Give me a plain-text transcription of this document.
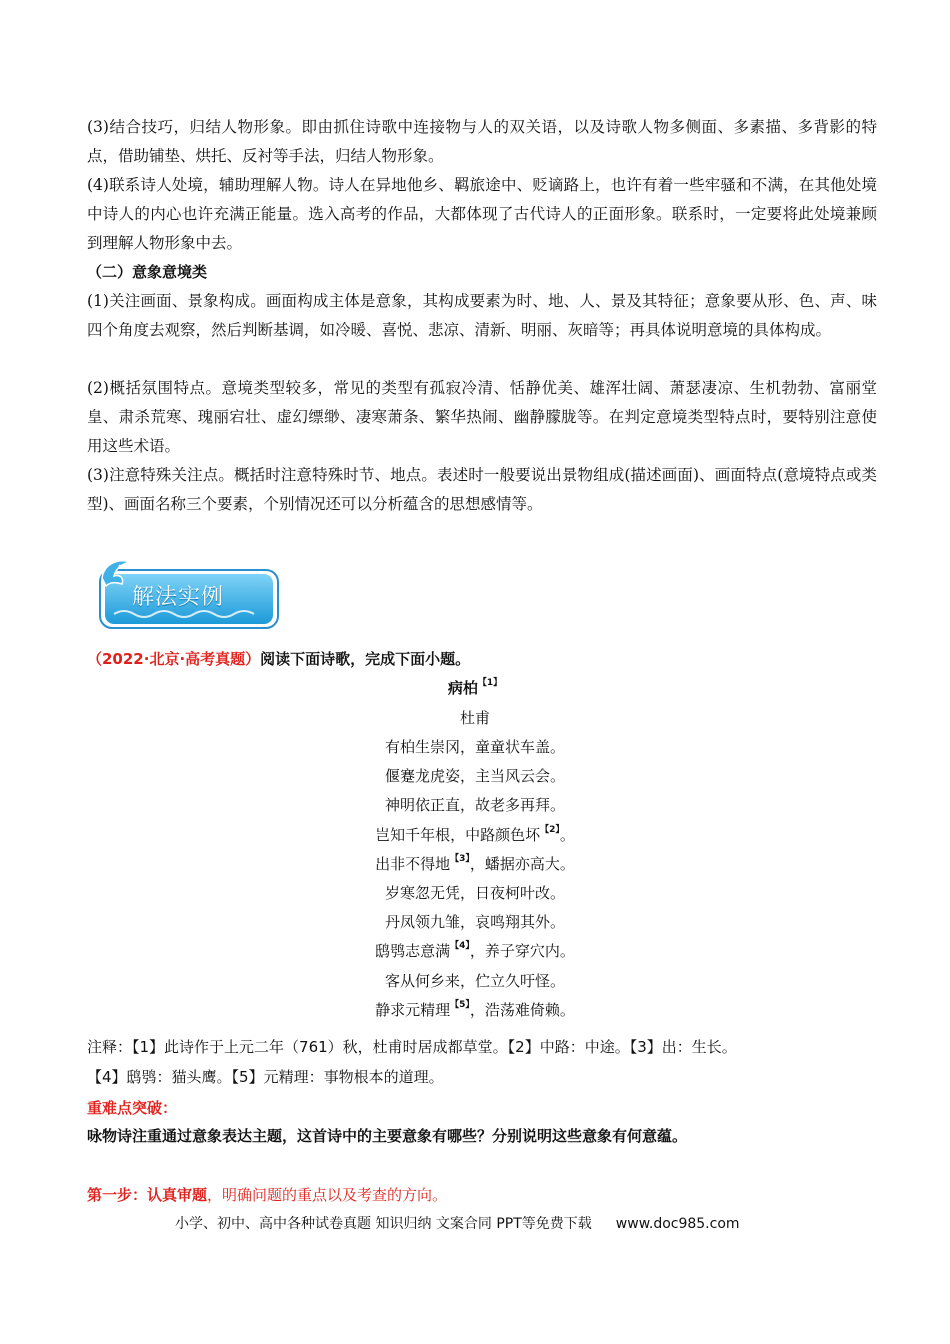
(3)结合技巧，归结人物形象。即由抓住诗歌中连接物与人的双关语，以及诗歌人物多侧面、多素描、多背影的特点，借助铺垫、烘托、反衬等手法，归结人物形象。
(4)联系诗人处境，辅助理解人物。诗人在异地他乡、羁旅途中、贬谪路上，也许有着一些牢骚和不满，在其他处境中诗人的内心也许充满正能量。选入高考的作品，大都体现了古代诗人的正面形象。联系时，一定要将此处境兼顾到理解人物形象中去。
（二）意象意境类
(1)关注画面、景象构成。画面构成主体是意象，其构成要素为时、地、人、景及其特征；意象要从形、色、声、味四个角度去观察，然后判断基调，如冷暖、喜悦、悲凉、清新、明丽、灰暗等；再具体说明意境的具体构成。
(2)概括氛围特点。意境类型较多，常见的类型有孤寂冷清、恬静优美、雄浑壮阔、萧瑟凄凉、生机勃勃、富丽堂皇、肃杀荒寒、瑰丽宕壮、虚幻缥缈、凄寒萧条、繁华热闹、幽静朦胧等。在判定意境类型特点时，要特别注意使用这些术语。
(3)注意特殊关注点。概括时注意特殊时节、地点。表述时一般要说出景物组成(描述画面)、画面特点(意境特点或类型)、画面名称三个要素，个别情况还可以分析蕴含的思想感情等。
解法实例
（2022·北京·高考真题）阅读下面诗歌，完成下面小题。
病柏$^{【1】}$
杜甫
有柏生崇冈，童童状车盖。
偃蹇龙虎姿，主当风云会。
神明依正直，故老多再拜。
岂知千年根，中路颜色坏$^{【2】}$。
出非不得地$^{【3】}$，蟠据亦高大。
岁寒忽无凭，日夜柯叶改。
丹凤领九雏，哀鸣翔其外。
鸱鸮志意满$^{【4】}$，养子穿穴内。
客从何乡来，伫立久吁怪。
静求元精理$^{【5】}$，浩荡难倚赖。
注释：【1】此诗作于上元二年（761）秋，杜甫时居成都草堂。【2】中路：中途。【3】出：生长。
【4】鸱鸮：猫头鹰。【5】元精理：事物根本的道理。
重难点突破：
咏物诗注重通过意象表达主题，这首诗中的主要意象有哪些？分别说明这些意象有何意蕴。
第一步：认真审题，明确问题的重点以及考查的方向。
小学、初中、高中各种试卷真题 知识归纳 文案合同 PPT等免费下载 www.doc985.com
